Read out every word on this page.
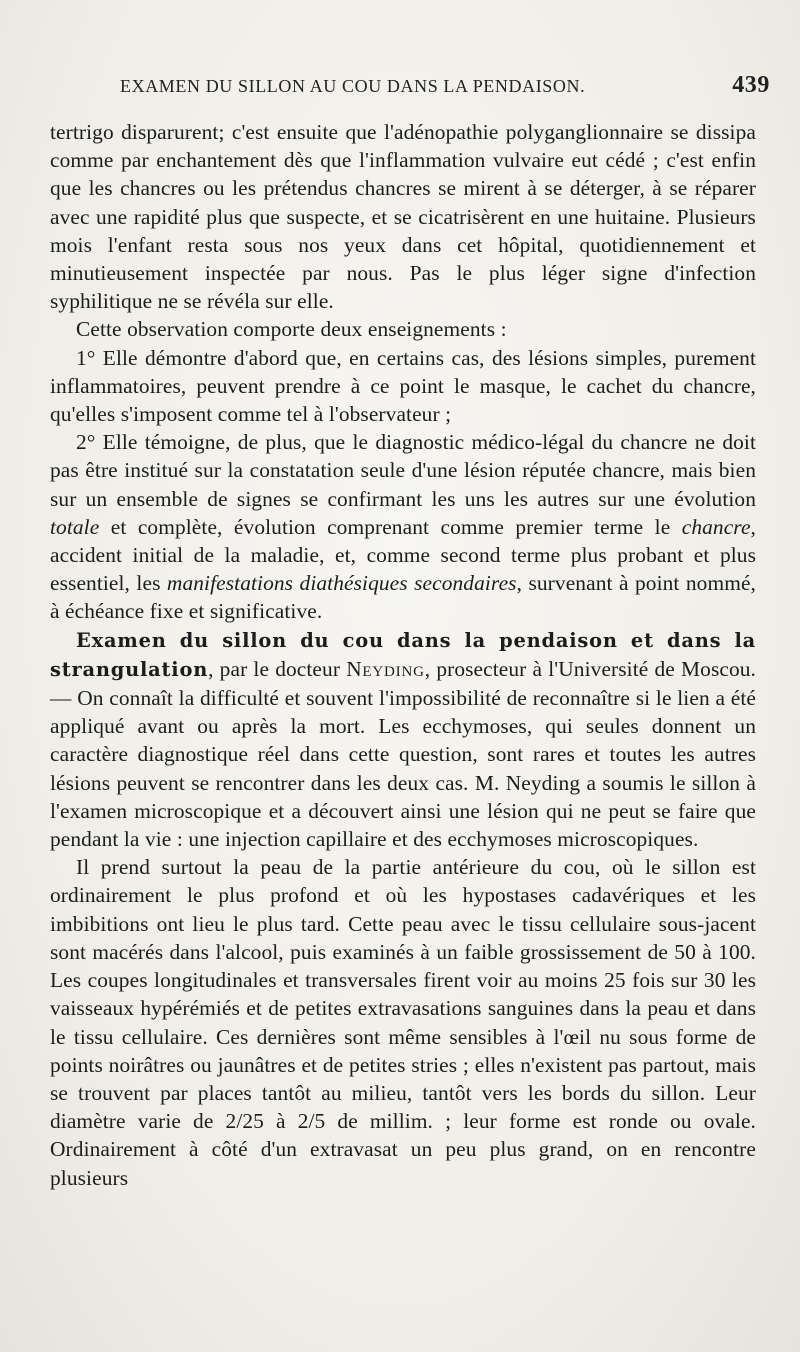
EXAMEN DU SILLON AU COU DANS LA PENDAISON.	439

tertrigo disparurent; c'est ensuite que l'adénopathie polyganglionnaire se dissipa comme par enchantement dès que l'inflammation vulvaire eut cédé ; c'est enfin que les chancres ou les prétendus chancres se mirent à se déterger, à se réparer avec une rapidité plus que suspecte, et se cicatrisèrent en une huitaine. Plusieurs mois l'enfant resta sous nos yeux dans cet hôpital, quotidiennement et minutieusement inspectée par nous. Pas le plus léger signe d'infection syphilitique ne se révéla sur elle.

Cette observation comporte deux enseignements :

1° Elle démontre d'abord que, en certains cas, des lésions simples, purement inflammatoires, peuvent prendre à ce point le masque, le cachet du chancre, qu'elles s'imposent comme tel à l'observateur ;

2° Elle témoigne, de plus, que le diagnostic médico-légal du chancre ne doit pas être institué sur la constatation seule d'une lésion réputée chancre, mais bien sur un ensemble de signes se confirmant les uns les autres sur une évolution totale et complète, évolution comprenant comme premier terme le chancre, accident initial de la maladie, et, comme second terme plus probant et plus essentiel, les manifestations diathésiques secondaires, survenant à point nommé, à échéance fixe et significative.

Examen du sillon du cou dans la pendaison et dans la strangulation, par le docteur Neyding, prosecteur à l'Université de Moscou.— On connaît la difficulté et souvent l'impossibilité de reconnaître si le lien a été appliqué avant ou après la mort. Les ecchymoses, qui seules donnent un caractère diagnostique réel dans cette question, sont rares et toutes les autres lésions peuvent se rencontrer dans les deux cas. M. Neyding a soumis le sillon à l'examen microscopique et a découvert ainsi une lésion qui ne peut se faire que pendant la vie : une injection capillaire et des ecchymoses microscopiques.

Il prend surtout la peau de la partie antérieure du cou, où le sillon est ordinairement le plus profond et où les hypostases cadavériques et les imbibitions ont lieu le plus tard. Cette peau avec le tissu cellulaire sous-jacent sont macérés dans l'alcool, puis examinés à un faible grossissement de 50 à 100. Les coupes longitudinales et transversales firent voir au moins 25 fois sur 30 les vaisseaux hypérémiés et de petites extravasations sanguines dans la peau et dans le tissu cellulaire. Ces dernières sont même sensibles à l'œil nu sous forme de points noirâtres ou jaunâtres et de petites stries ; elles n'existent pas partout, mais se trouvent par places tantôt au milieu, tantôt vers les bords du sillon. Leur diamètre varie de 2/25 à 2/5 de millim. ; leur forme est ronde ou ovale. Ordinairement à côté d'un extravasat un peu plus grand, on en rencontre plusieurs
